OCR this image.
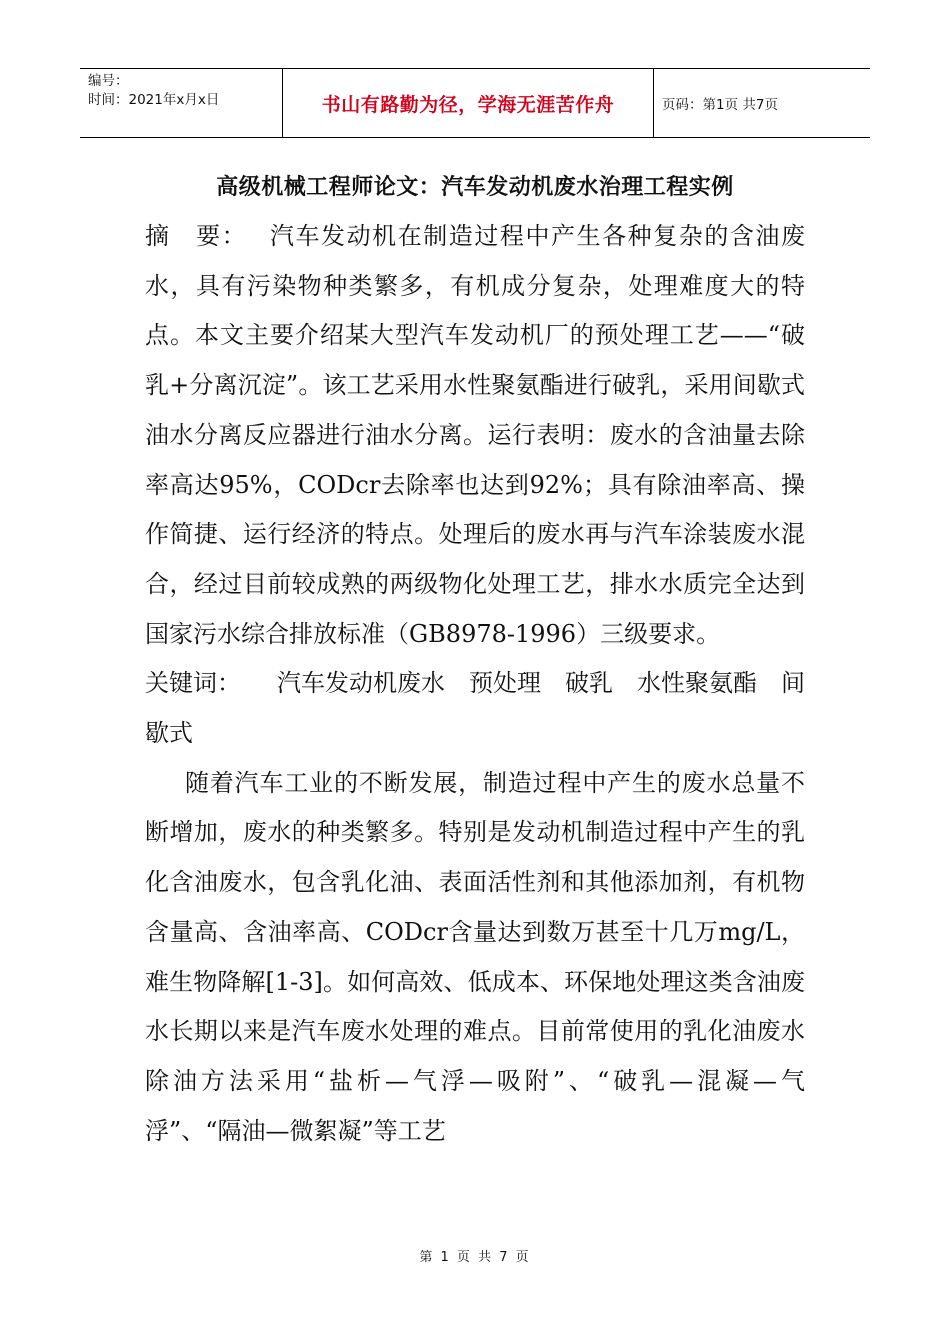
编号：
时间：2021年x月x日	书山有路勤为径，学海无涯苦作舟	页码：第1页 共7页
高级机械工程师论文：汽车发动机废水治理工程实例

摘　要：　 汽车发动机在制造过程中产生各种复杂的含油废水，具有污染物种类繁多，有机成分复杂，处理难度大的特点。本文主要介绍某大型汽车发动机厂的预处理工艺——“破乳+分离沉淀”。该工艺采用水性聚氨酯进行破乳，采用间歇式油水分离反应器进行油水分离。运行表明：废水的含油量去除率高达95%，CODcr去除率也达到92%；具有除油率高、操作简捷、运行经济的特点。处理后的废水再与汽车涂装废水混合，经过目前较成熟的两级物化处理工艺，排水水质完全达到国家污水综合排放标准（GB8978-1996）三级要求。

关键词：　　汽车发动机废水　预处理　破乳　水性聚氨酯　间歇式

随着汽车工业的不断发展，制造过程中产生的废水总量不断增加，废水的种类繁多。特别是发动机制造过程中产生的乳化含油废水，包含乳化油、表面活性剂和其他添加剂，有机物含量高、含油率高、CODcr含量达到数万甚至十几万mg/L，难生物降解[1-3]。如何高效、低成本、环保地处理这类含油废水长期以来是汽车废水处理的难点。目前常使用的乳化油废水除油方法采用“盐析—气浮—吸附”、“破乳—混凝—气浮”、“隔油—微絮凝”等工艺

第 1 页 共 7 页
